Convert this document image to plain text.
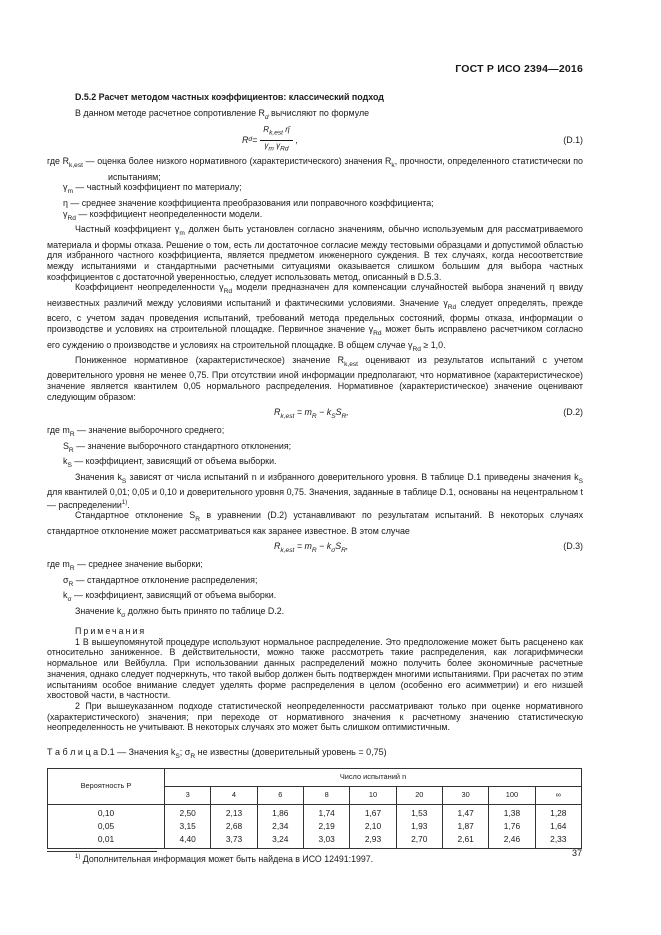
ГОСТ Р ИСО 2394—2016

D.5.2 Расчет методом частных коэффициентов: классический подход

В данном методе расчетное сопротивление $R_d$ вычисляют по формуле

R $d = \frac{R_{k,est} \etā}{\gamma_m \gamma_{Rd}}$ ,	(D.1)

где $R_{k,est}$ — оценка более низкого нормативного (характеристического) значения $R_k$, прочности, определенного статистически по испытаниям;

$\gamma_m$ — частный коэффициент по материалу;

η — среднее значение коэффициента преобразования или поправочного коэффициента;

$\gamma_{Rd}$ — коэффициент неопределенности модели.

Частный коэффициент $\gamma_m$ должен быть установлен согласно значениям, обычно используемым для рассматриваемого материала и формы отказа. Решение о том, есть ли достаточное согласие между тестовыми образцами и допустимой областью для избранного частного коэффициента, является предметом инженерного суждения. В тех случаях, когда несоответствие между испытаниями и стандартными расчетными ситуациями оказывается слишком большим для выбора частных коэффициентов с достаточной уверенностью, следует использовать метод, описанный в D.5.3.

Коэффициент неопределенности $\gamma_{Rd}$ модели предназначен для компенсации случайностей выбора значений η ввиду неизвестных различий между условиями испытаний и фактическими условиями. Значение $\gamma_{Rd}$ следует определять, прежде всего, с учетом задач проведения испытаний, требований метода предельных состояний, формы отказа, информации о производстве и условиях на строительной площадке. Первичное значение $\gamma_{Rd}$ может быть исправлено расчетчиком согласно его суждению о производстве и условиях на строительной площадке. В общем случае $\gamma_{Rd} \ge 1,0$.

Пониженное нормативное (характеристическое) значение $R_{k,est}$ оценивают из результатов испытаний с учетом доверительного уровня не менее 0,75. При отсутствии иной информации предполагают, что нормативное (характеристическое) значение является квантилем 0,05 нормального распределения. Нормативное (характеристическое) значение оценивают следующим образом:

$R_{k,est} = m_R - k_SS_R$,	(D.2)

где $m_R$ — значение выборочного среднего;

$S_R$ — значение выборочного стандартного отклонения;

$k_S$ — коэффициент, зависящий от объема выборки.

Значения $k_S$ зависят от числа испытаний n и избранного доверительного уровня. В таблице D.1 приведены значения $k_S$ для квантилей 0,01; 0,05 и 0,10 и доверительного уровня 0,75. Значения, заданные в таблице D.1, основаны на нецентральном t — распределении$^{1)}$.

Стандартное отклонение $S_R$ в уравнении (D.2) устанавливают по результатам испытаний. В некоторых случаях стандартное отклонение может рассматриваться как заранее известное. В этом случае

$R_{k,est} = m_R - k_\sigma S_R$,	(D.3)

где $m_R$ — среднее значение выборки;

$\sigma_R$ — стандартное отклонение распределения;

$k_\sigma$ — коэффициент, зависящий от объема выборки.

Значение $k_\sigma$ должно быть принято по таблице D.2.

Примечания

1 В вышеупомянутой процедуре используют нормальное распределение. Это предположение может быть расценено как относительно заниженное. В действительности, можно также рассмотреть такие распределения, как логарифмически нормальное или Вейбулла. При использовании данных распределений можно получить более экономичные расчетные значения, однако следует подчеркнуть, что такой выбор должен быть подтвержден многими испытаниями. При расчетах по этим испытаниям особое внимание следует уделять форме распределения в целом (особенно его асимметрии) и его низшей хвостовой части, в частности.

2 При вышеуказанном подходе статистической неопределенности рассматривают только при оценке нормативного (характеристического) значения; при переходе от нормативного значения к расчетному значению статистическую неопределенность не учитывают. В некоторых случаях это может быть слишком оптимистичным.

Т а б л и ц а D.1 — Значения $k_S$; $\sigma_R$ не известны (доверительный уровень = 0,75)

Вероятность P	Число испытаний n								
	3	4	6	8	10	20	30	100	∞
0,10	2,50	2,13	1,86	1,74	1,67	1,53	1,47	1,38	1,28
0,05	3,15	2,68	2,34	2,19	2,10	1,93	1,87	1,76	1,64
0,01	4,40	3,73	3,24	3,03	2,93	2,70	2,61	2,46	2,33

$^{1)}$ Дополнительная информация может быть найдена в ИСО 12491:1997.

37
